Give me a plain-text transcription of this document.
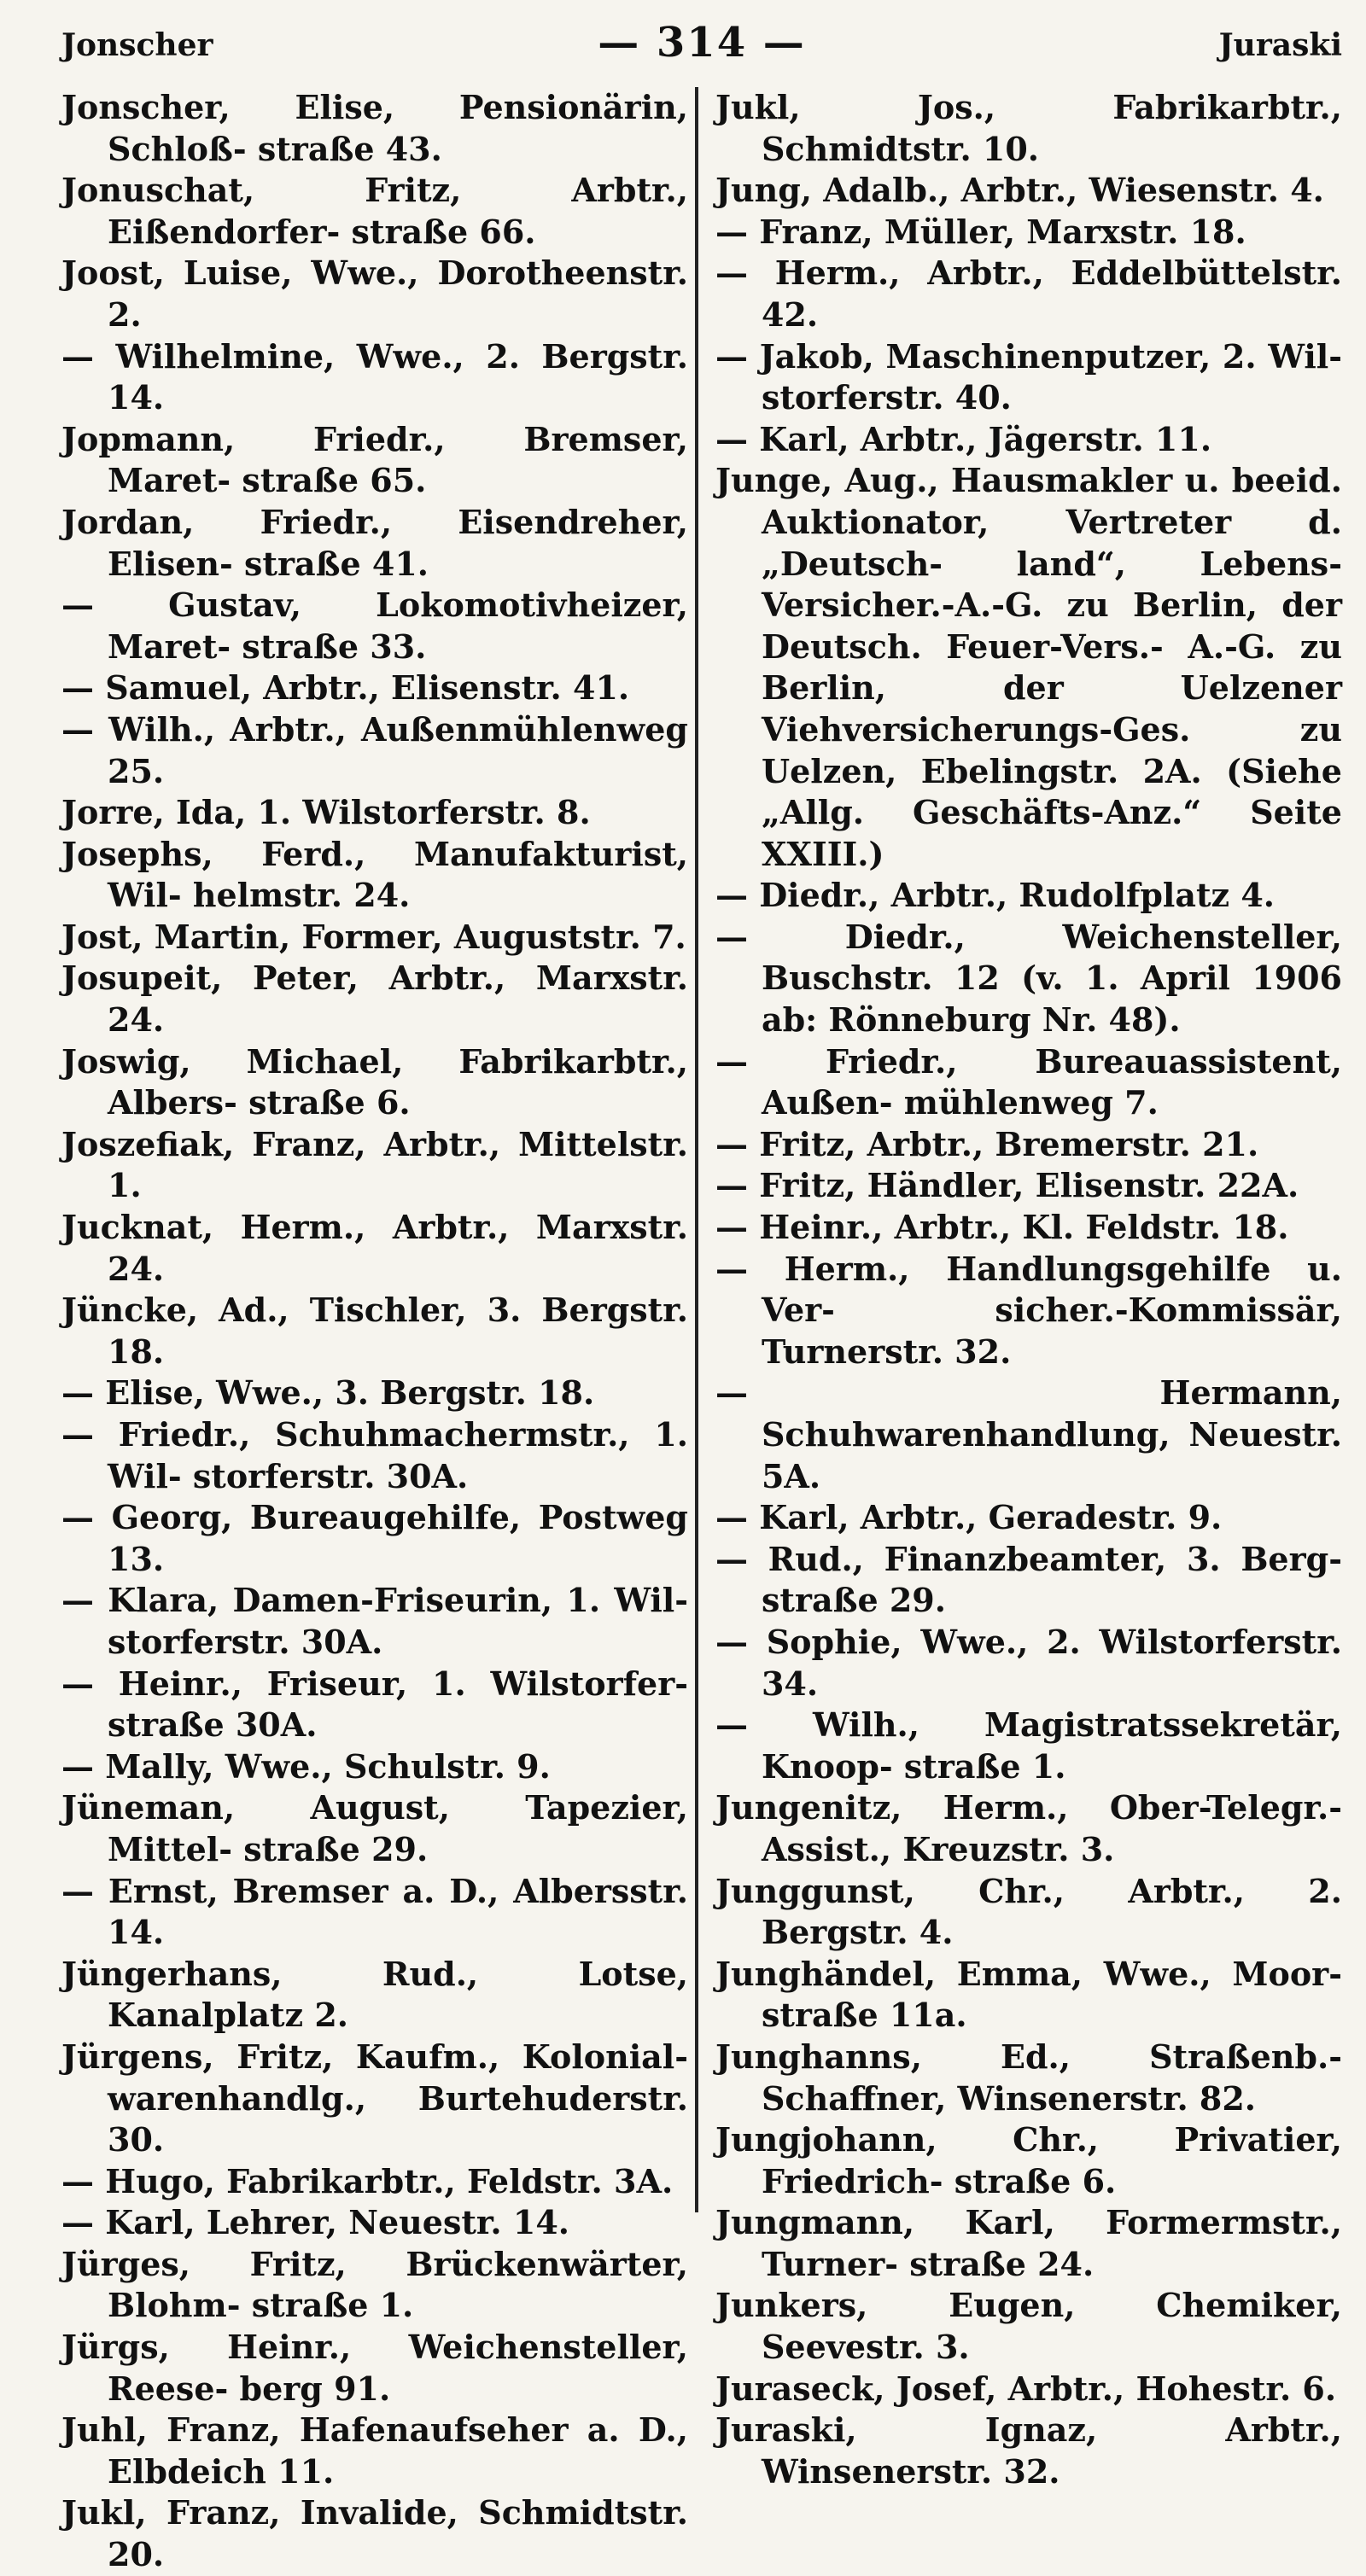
Jonscher	— 314 —	Juraski
Jonscher, Elise, Pensionärin, Schloß- straße 43.
Jonuschat, Fritz, Arbtr., Eißendorfer- straße 66.
Joost, Luise, Wwe., Dorotheenstr. 2.
— Wilhelmine, Wwe., 2. Bergstr. 14.
Jopmann, Friedr., Bremser, Maret- straße 65.
Jordan, Friedr., Eisendreher, Elisen- straße 41.
— Gustav, Lokomotivheizer, Maret- straße 33.
— Samuel, Arbtr., Elisenstr. 41.
— Wilh., Arbtr., Außenmühlenweg 25.
Jorre, Ida, 1. Wilstorferstr. 8.
Josephs, Ferd., Manufakturist, Wil- helmstr. 24.
Jost, Martin, Former, Auguststr. 7.
Josupeit, Peter, Arbtr., Marxstr. 24.
Joswig, Michael, Fabrikarbtr., Albers- straße 6.
Joszefiak, Franz, Arbtr., Mittelstr. 1.
Jucknat, Herm., Arbtr., Marxstr. 24.
Jüncke, Ad., Tischler, 3. Bergstr. 18.
— Elise, Wwe., 3. Bergstr. 18.
— Friedr., Schuhmachermstr., 1. Wil- storferstr. 30A.
— Georg, Bureaugehilfe, Postweg 13.
— Klara, Damen-Friseurin, 1. Wil- storferstr. 30A.
— Heinr., Friseur, 1. Wilstorfer- straße 30A.
— Mally, Wwe., Schulstr. 9.
Jüneman, August, Tapezier, Mittel- straße 29.
— Ernst, Bremser a. D., Albersstr. 14.
Jüngerhans, Rud., Lotse, Kanalplatz 2.
Jürgens, Fritz, Kaufm., Kolonial- warenhandlg., Burtehuderstr. 30.
— Hugo, Fabrikarbtr., Feldstr. 3A.
— Karl, Lehrer, Neuestr. 14.
Jürges, Fritz, Brückenwärter, Blohm- straße 1.
Jürgs, Heinr., Weichensteller, Reese- berg 91.
Juhl, Franz, Hafenaufseher a. D., Elbdeich 11.
Jukl, Franz, Invalide, Schmidtstr. 20.
Jukl, Jos., Fabrikarbtr., Schmidtstr. 10.
Jung, Adalb., Arbtr., Wiesenstr. 4.
— Franz, Müller, Marxstr. 18.
— Herm., Arbtr., Eddelbüttelstr. 42.
— Jakob, Maschinenputzer, 2. Wil- storferstr. 40.
— Karl, Arbtr., Jägerstr. 11.
Junge, Aug., Hausmakler u. beeid. Auktionator, Vertreter d. „Deutsch- land“, Lebens-Versicher.-A.-G. zu Berlin, der Deutsch. Feuer-Vers.- A.-G. zu Berlin, der Uelzener Viehversicherungs-Ges. zu Uelzen, Ebelingstr. 2A. (Siehe „Allg. Geschäfts-Anz.“ Seite XXIII.)
— Diedr., Arbtr., Rudolfplatz 4.
— Diedr., Weichensteller, Buschstr. 12 (v. 1. April 1906 ab: Rönneburg Nr. 48).
— Friedr., Bureauassistent, Außen- mühlenweg 7.
— Fritz, Arbtr., Bremerstr. 21.
— Fritz, Händler, Elisenstr. 22A.
— Heinr., Arbtr., Kl. Feldstr. 18.
— Herm., Handlungsgehilfe u. Ver- sicher.-Kommissär, Turnerstr. 32.
— Hermann, Schuhwarenhandlung, Neuestr. 5A.
— Karl, Arbtr., Geradestr. 9.
— Rud., Finanzbeamter, 3. Berg- straße 29.
— Sophie, Wwe., 2. Wilstorferstr. 34.
— Wilh., Magistratssekretär, Knoop- straße 1.
Jungenitz, Herm., Ober-Telegr.-Assist., Kreuzstr. 3.
Junggunst, Chr., Arbtr., 2. Bergstr. 4.
Junghändel, Emma, Wwe., Moor- straße 11a.
Junghanns, Ed., Straßenb.-Schaffner, Winsenerstr. 82.
Jungjohann, Chr., Privatier, Friedrich- straße 6.
Jungmann, Karl, Formermstr., Turner- straße 24.
Junkers, Eugen, Chemiker, Seevestr. 3.
Juraseck, Josef, Arbtr., Hohestr. 6.
Juraski, Ignaz, Arbtr., Winsenerstr. 32.
